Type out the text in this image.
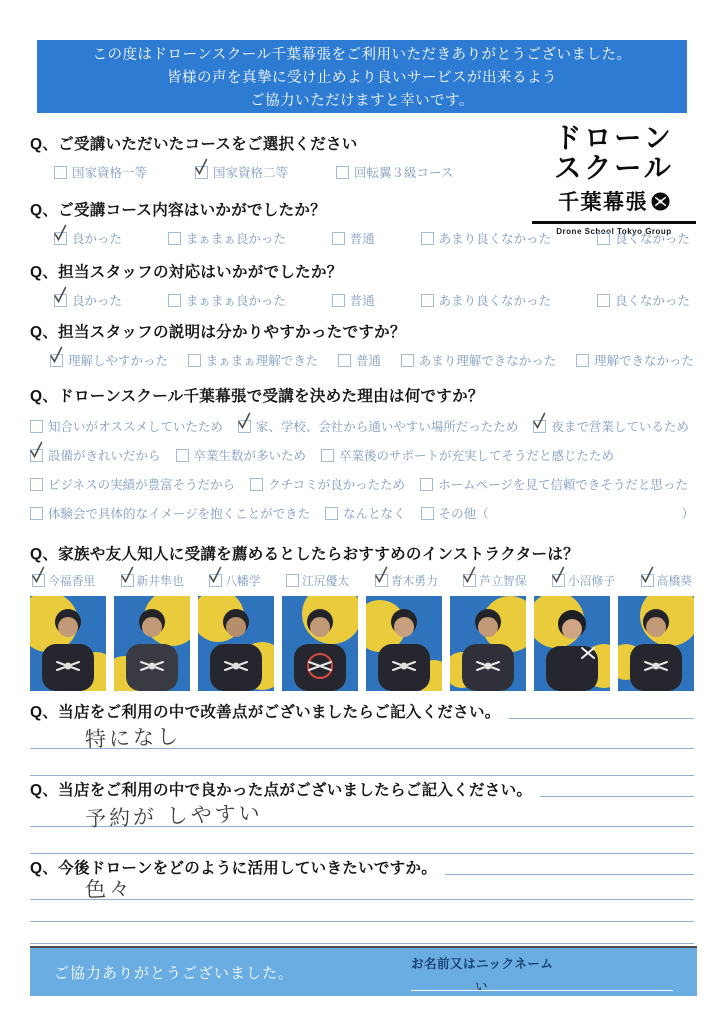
この度はドローンスクール千葉幕張をご利用いただきありがとうございました。
皆様の声を真摯に受け止めより良いサービスが出来るよう
ご協力いただけますと幸いです。
ドローン
スクール
千葉幕張
Drone School Tokyo Group
Q、ご受講いただいたコースをご選択ください
国家資格一等	国家資格二等	回転翼３級コース
Q、ご受講コース内容はいかがでしたか？
良かった	まぁまぁ良かった	普通	あまり良くなかった	良くなかった
Q、担当スタッフの対応はいかがでしたか？
良かった	まぁまぁ良かった	普通	あまり良くなかった	良くなかった
Q、担当スタッフの説明は分かりやすかったですか？
理解しやすかった	まぁまぁ理解できた	普通	あまり理解できなかった	理解できなかった
Q、ドローンスクール千葉幕張で受講を決めた理由は何ですか？
知合いがオススメしていたため	家、学校、会社から通いやすい場所だったため	夜まで営業しているため
設備がきれいだから	卒業生数が多いため	卒業後のサポートが充実してそうだと感じたため
ビジネスの実績が豊富そうだから	クチコミが良かったため	ホームページを見て信頼できそうだと思った
体験会で具体的なイメージを抱くことができた	なんとなく	その他（	）
Q、家族や友人知人に受講を薦めるとしたらおすすめのインストラクターは？
今福香里	新井隼也	八幡学	江尻優太	青木勇力	芦立智保	小沼修子	高橋葵
Q、当店をご利用の中で改善点がございましたらご記入ください。
特になし
Q、当店をご利用の中で良かった点がございましたらご記入ください。
予約が しやすい
Q、今後ドローンをどのように活用していきたいですか。
色々
ご協力ありがとうございました。
お名前又はニックネーム
ぃ
